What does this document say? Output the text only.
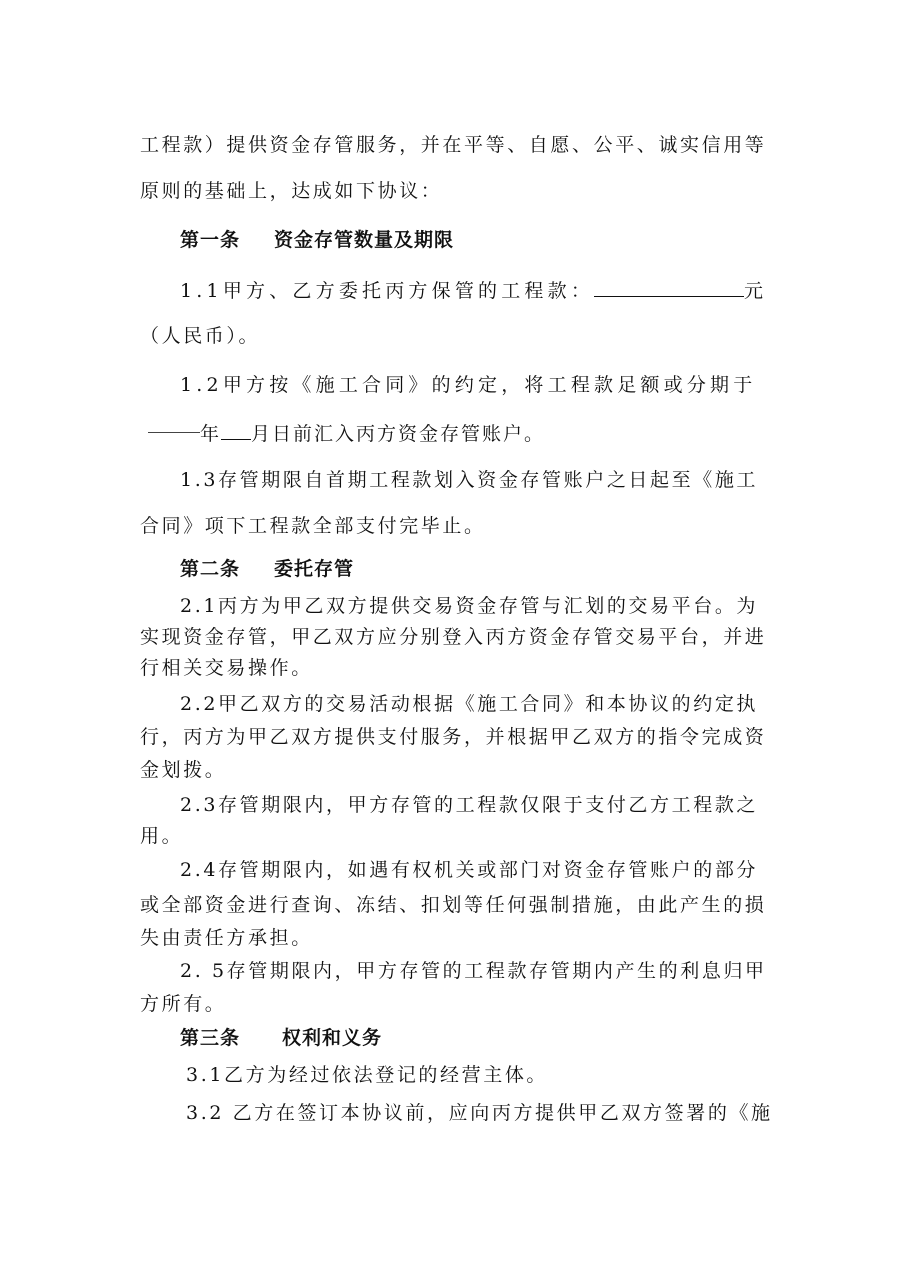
工程款）提供资金存管服务，并在平等、自愿、公平、诚实信用等
原则的基础上，达成如下协议：
第一条 资金存管数量及期限
1.1甲方、乙方委托丙方保管的工程款：	元
（人民币）。
1.2甲方按《施工合同》的约定，将工程款足额或分期于
年 月日前汇入丙方资金存管账户。
1.3存管期限自首期工程款划入资金存管账户之日起至《施工
合同》项下工程款全部支付完毕止。
第二条 委托存管
2.1丙方为甲乙双方提供交易资金存管与汇划的交易平台。为
实现资金存管，甲乙双方应分别登入丙方资金存管交易平台，并进
行相关交易操作。
2.2甲乙双方的交易活动根据《施工合同》和本协议的约定执
行，丙方为甲乙双方提供支付服务，并根据甲乙双方的指令完成资
金划拨。
2.3存管期限内，甲方存管的工程款仅限于支付乙方工程款之
用。
2.4存管期限内，如遇有权机关或部门对资金存管账户的部分
或全部资金进行查询、冻结、扣划等任何强制措施，由此产生的损
失由责任方承担。
2. 5存管期限内，甲方存管的工程款存管期内产生的利息归甲
方所有。
第三条 权利和义务
3.1乙方为经过依法登记的经营主体。
3.2 乙方在签订本协议前，应向丙方提供甲乙双方签署的《施
